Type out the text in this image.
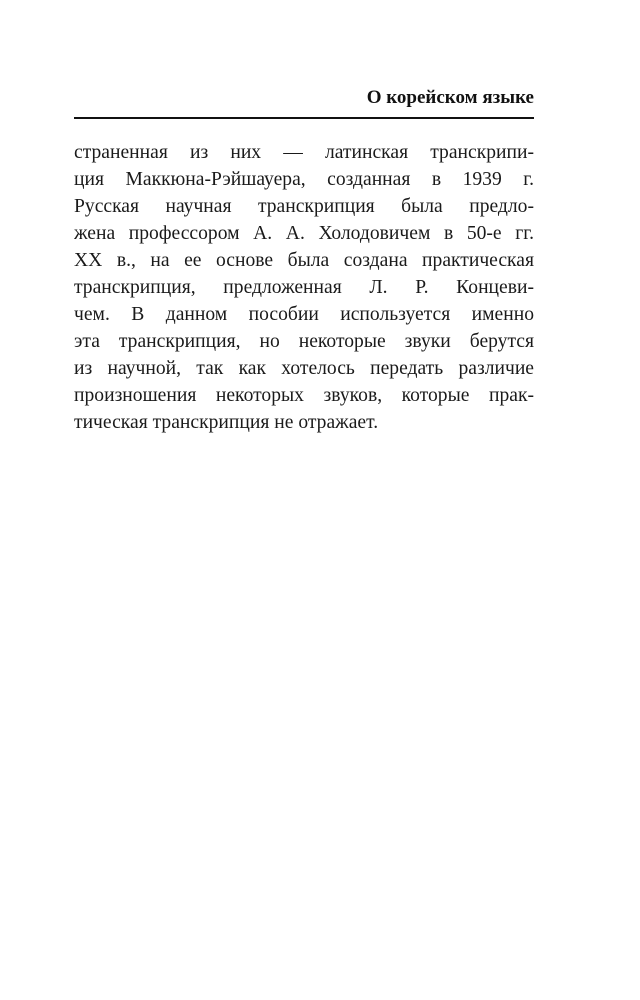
О корейском языке
страненная из них — латинская транскрипи-
ция Маккюна-Рэйшауера, созданная в 1939 г.
Русская научная транскрипция была предло-
жена профессором А. А. Холодовичем в 50-е гг.
XX в., на ее основе была создана практическая
транскрипция, предложенная Л. Р. Концеви-
чем. В данном пособии используется именно
эта транскрипция, но некоторые звуки берутся
из научной, так как хотелось передать различие
произношения некоторых звуков, которые прак-
тическая транскрипция не отражает.
